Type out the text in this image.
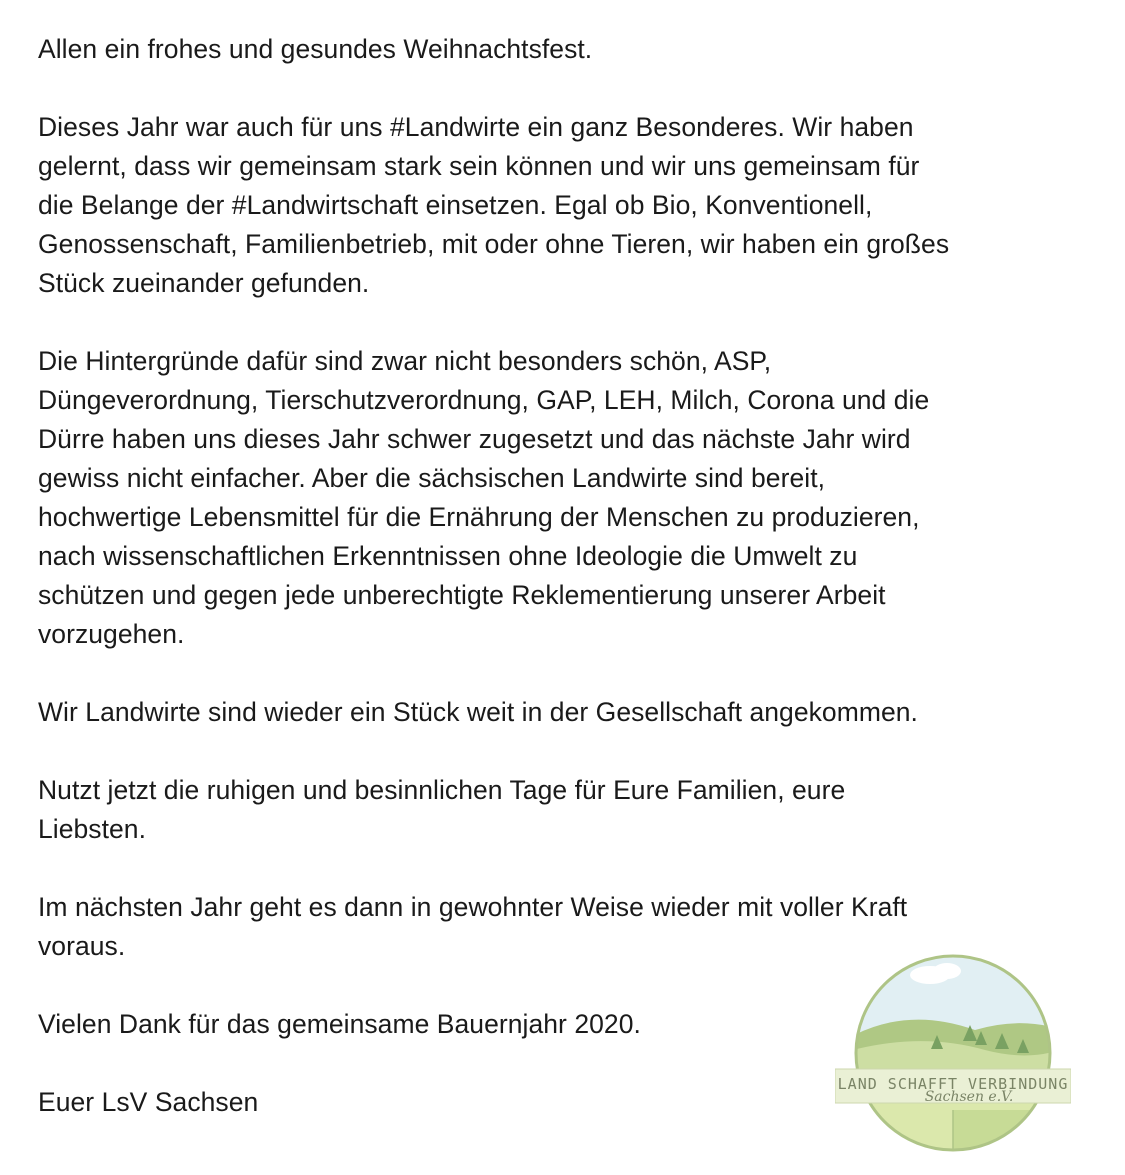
Allen ein frohes und gesundes Weihnachtsfest.

Dieses Jahr war auch für uns #Landwirte ein ganz Besonderes. Wir haben
gelernt, dass wir gemeinsam stark sein können und wir uns gemeinsam für
die Belange der #Landwirtschaft einsetzen. Egal ob Bio, Konventionell,
Genossenschaft, Familienbetrieb, mit oder ohne Tieren, wir haben ein großes
Stück zueinander gefunden.

Die Hintergründe dafür sind zwar nicht besonders schön, ASP,
Düngeverordnung, Tierschutzverordnung, GAP, LEH, Milch, Corona und die
Dürre haben uns dieses Jahr schwer zugesetzt und das nächste Jahr wird
gewiss nicht einfacher. Aber die sächsischen Landwirte sind bereit,
hochwertige Lebensmittel für die Ernährung der Menschen zu produzieren,
nach wissenschaftlichen Erkenntnissen ohne Ideologie die Umwelt zu
schützen und gegen jede unberechtigte Reklementierung unserer Arbeit
vorzugehen.

Wir Landwirte sind wieder ein Stück weit in der Gesellschaft angekommen.

Nutzt jetzt die ruhigen und besinnlichen Tage für Eure Familien, eure
Liebsten.

Im nächsten Jahr geht es dann in gewohnter Weise wieder mit voller Kraft
voraus.

Vielen Dank für das gemeinsame Bauernjahr 2020.

Euer LsV Sachsen

LAND SCHAFFT VERBINDUNG
Sachsen e.V.
